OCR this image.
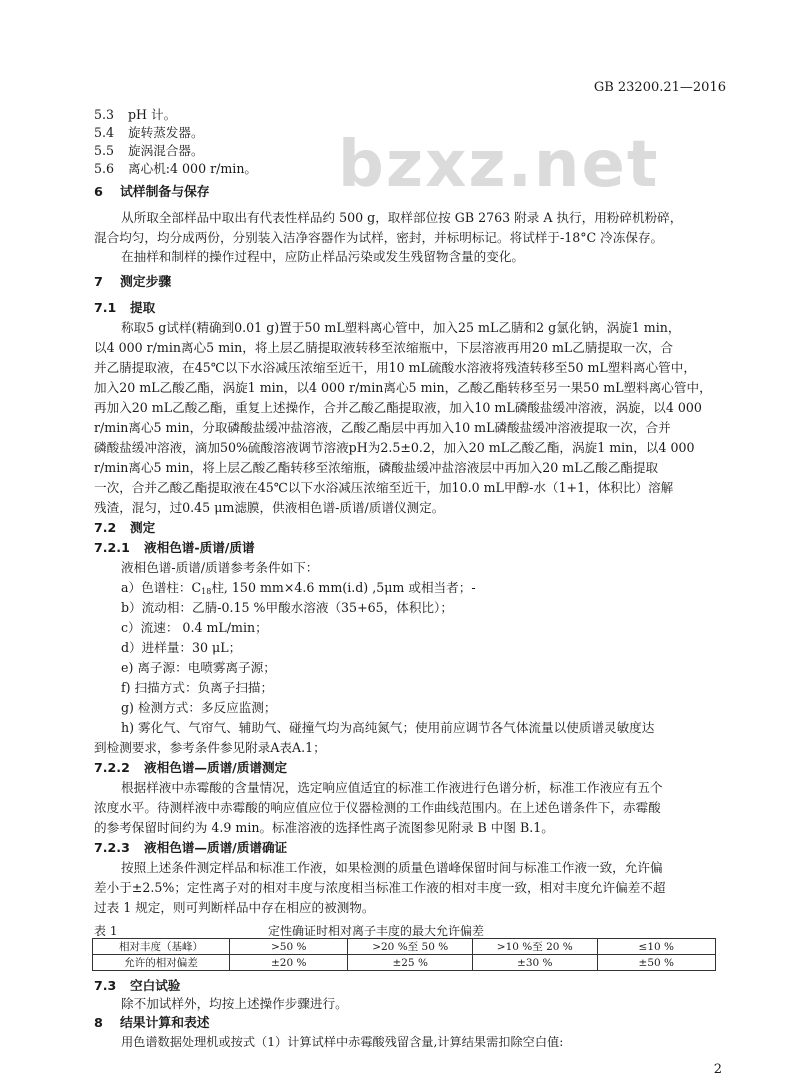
GB 23200.21—2016
bzxz.net
5.3 pH 计。
5.4 旋转蒸发器。
5.5 旋涡混合器。
5.6 离心机:4 000 r/min。
6 试样制备与保存
从所取全部样品中取出有代表性样品约 500 g，取样部位按 GB 2763 附录 A 执行，用粉碎机粉碎，
混合均匀，均分成两份，分别装入洁净容器作为试样，密封，并标明标记。将试样于-18°C 冷冻保存。
在抽样和制样的操作过程中，应防止样品污染或发生残留物含量的变化。
7 测定步骤
7.1 提取
称取5 g试样(精确到0.01 g)置于50 mL塑料离心管中，加入25 mL乙腈和2 g氯化钠，涡旋1 min，
以4 000 r/min离心5 min，将上层乙腈提取液转移至浓缩瓶中，下层溶液再用20 mL乙腈提取一次，合
并乙腈提取液，在45℃以下水浴减压浓缩至近干，用10 mL硫酸水溶液将残渣转移至50 mL塑料离心管中，
加入20 mL乙酸乙酯，涡旋1 min，以4 000 r/min离心5 min，乙酸乙酯转移至另一果50 mL塑料离心管中，
再加入20 mL乙酸乙酯，重复上述操作，合并乙酸乙酯提取液，加入10 mL磷酸盐缓冲溶液，涡旋，以4 000
r/min离心5 min，分取磷酸盐缓冲盐溶液，乙酸乙酯层中再加入10 mL磷酸盐缓冲溶液提取一次，合并
磷酸盐缓冲溶液，滴加50%硫酸溶液调节溶液pH为2.5±0.2，加入20 mL乙酸乙酯，涡旋1 min，以4 000
r/min离心5 min，将上层乙酸乙酯转移至浓缩瓶，磷酸盐缓冲盐溶液层中再加入20 mL乙酸乙酯提取
一次，合并乙酸乙酯提取液在45℃以下水浴减压浓缩至近干，加10.0 mL甲醇-水（1+1，体积比）溶解
残渣，混匀，过0.45 μm滤膜，供液相色谱-质谱/质谱仪测定。
7.2 测定
7.2.1 液相色谱-质谱/质谱
液相色谱-质谱/质谱参考条件如下：
a）色谱柱：$C_{18}$柱, 150 mm×4.6 mm(i.d) ,5μm 或相当者；-
b）流动相：乙腈-0.15 %甲酸水溶液（35+65，体积比）；
c）流速： 0.4 mL/min；
d）进样量：30 μL；
e) 离子源：电喷雾离子源；
f) 扫描方式：负离子扫描；
g) 检测方式：多反应监测；
h) 雾化气、气帘气、辅助气、碰撞气均为高纯氮气；使用前应调节各气体流量以使质谱灵敏度达
到检测要求，参考条件参见附录A表A.1；
7.2.2 液相色谱—质谱/质谱测定
根据样液中赤霉酸的含量情况，选定响应值适宜的标准工作液进行色谱分析，标准工作液应有五个
浓度水平。待测样液中赤霉酸的响应值应位于仪器检测的工作曲线范围内。在上述色谱条件下，赤霉酸
的参考保留时间约为 4.9 min。标准溶液的选择性离子流图参见附录 B 中图 B.1。
7.2.3 液相色谱—质谱/质谱确证
按照上述条件测定样品和标准工作液，如果检测的质量色谱峰保留时间与标准工作液一致，允许偏
差小于±2.5%；定性离子对的相对丰度与浓度相当标准工作液的相对丰度一致，相对丰度允许偏差不超
过表 1 规定，则可判断样品中存在相应的被测物。
表 1	定性确证时相对离子丰度的最大允许偏差
相对丰度（基峰）	>50 %	>20 %至 50 %	>10 %至 20 %	≤10 %
允许的相对偏差	±20 %	±25 %	±30 %	±50 %
7.3 空白试验
除不加试样外，均按上述操作步骤进行。
8 结果计算和表述
用色谱数据处理机或按式（1）计算试样中赤霉酸残留含量,计算结果需扣除空白值:
2
